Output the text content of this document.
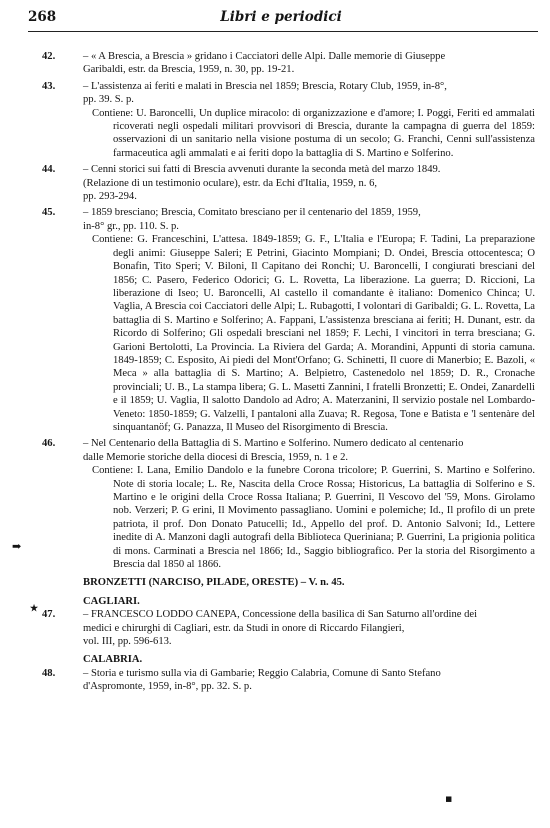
268	Libri e periodici
42.	– « A Brescia, a Brescia » gridano i Cacciatori delle Alpi. Dalle memorie di Giuseppe
Garibaldi, estr. da Brescia, 1959, n. 30, pp. 19-21.
43.	– L'assistenza ai feriti e malati in Brescia nel 1859; Brescia, Rotary Club, 1959, in-8°,
pp. 39. S. p.
Contiene: U. Baroncelli, Un duplice miracolo: di organizzazione e d'amore; I. Poggi, Feriti ed ammalati ricoverati negli ospedali militari provvisori di Brescia, durante la campagna di guerra del 1859: osservazioni di un sanitario nella visione postuma di un secolo; G. Franchi, Cenni sull'assistenza farmaceutica agli ammalati e ai feriti dopo la battaglia di S. Martino e Solferino.
44.	– Cenni storici sui fatti di Brescia avvenuti durante la seconda metà del marzo 1849.
(Relazione di un testimonio oculare), estr. da Echi d'Italia, 1959, n. 6,
pp. 293-294.
45.	– 1859 bresciano; Brescia, Comitato bresciano per il centenario del 1859, 1959,
in-8° gr., pp. 110. S. p.
Contiene: G. Franceschini, L'attesa. 1849-1859; G. F., L'Italia e l'Europa; F. Tadini, La preparazione degli animi: Giuseppe Saleri; E Petrini, Giacinto Mompiani; D. Ondei, Brescia ottocentesca; O Bonafin, Tito Speri; V. Biloni, Il Capitano dei Ronchi; U. Baroncelli, I congiurati bresciani del 1856; C. Pasero, Federico Odorici; G. L. Rovetta, La liberazione. La guerra; D. Riccioni, La liberazione di Iseo; U. Baroncelli, Al castello il comandante è italiano: Domenico Chinca; U. Vaglia, A Brescia coi Cacciatori delle Alpi; L. Rubagotti, I volontari di Garibaldi; G. L. Rovetta, La battaglia di S. Martino e Solferino; A. Fappani, L'assistenza bresciana ai feriti; H. Dunant, estr. da Ricordo di Solferino; Gli ospedali bresciani nel 1859; F. Lechi, I vincitori in terra bresciana; G. Garioni Bertolotti, La Provincia. La Riviera del Garda; A. Morandini, Appunti di storia camuna. 1849-1859; C. Esposito, Ai piedi del Mont'Orfano; G. Schinetti, Il cuore di Manerbio; E. Bazoli, « Meca » alla battaglia di S. Martino; A. Belpietro, Castenedolo nel 1859; D. R., Cronache provinciali; U. B., La stampa libera; G. L. Masetti Zannini, I fratelli Bronzetti; E. Ondei, Zanardelli e il 1859; U. Vaglia, Il salotto Dandolo ad Adro; A. Materzanini, Il servizio postale nel Lombardo-Veneto: 1850-1859; G. Valzelli, I pantaloni alla Zuava; R. Regosa, Tone e Batista e 'l sentenàre del sinquantanöf; G. Panazza, Il Museo del Risorgimento di Brescia.
46.	– Nel Centenario della Battaglia di S. Martino e Solferino. Numero dedicato al centenario
dalle Memorie storiche della diocesi di Brescia, 1959, n. 1 e 2.
Contiene: I. Lana, Emilio Dandolo e la funebre Corona tricolore; P. Guerrini, S. Martino e Solferino. Note di storia locale; L. Re, Nascita della Croce Rossa; Historicus, La battaglia di Solferino e S. Martino e le origini della Croce Rossa Italiana; P. Guerrini, Il Vescovo del '59, Mons. Girolamo nob. Verzeri; P. G erini, Il Movimento passagliano. Uomini e polemiche; Id., Il profilo di un prete patriota, il prof. Don Donato Patucelli; Id., Appello del prof. D. Antonio Salvoni; Id., Lettere inedite di A. Manzoni dagli autografi della Biblioteca Queriniana; P. Guerrini, La prigionia politica di mons. Carminati a Brescia nel 1866; Id., Saggio bibliografico. Per la storia del Risorgimento a Brescia dal 1850 al 1866.
BRONZETTI (NARCISO, PILADE, ORESTE) – V. n. 45.
CAGLIARI.
47.	– FRANCESCO LODDO CANEPA, Concessione della basilica di San Saturno all'ordine dei
medici e chirurghi di Cagliari, estr. da Studi in onore di Riccardo Filangieri,
vol. III, pp. 596-613.
CALABRIA.
48.	– Storia e turismo sulla via di Gambarie; Reggio Calabria, Comune di Santo Stefano
d'Aspromonte, 1959, in-8°, pp. 32. S. p.
➡
▪
★
